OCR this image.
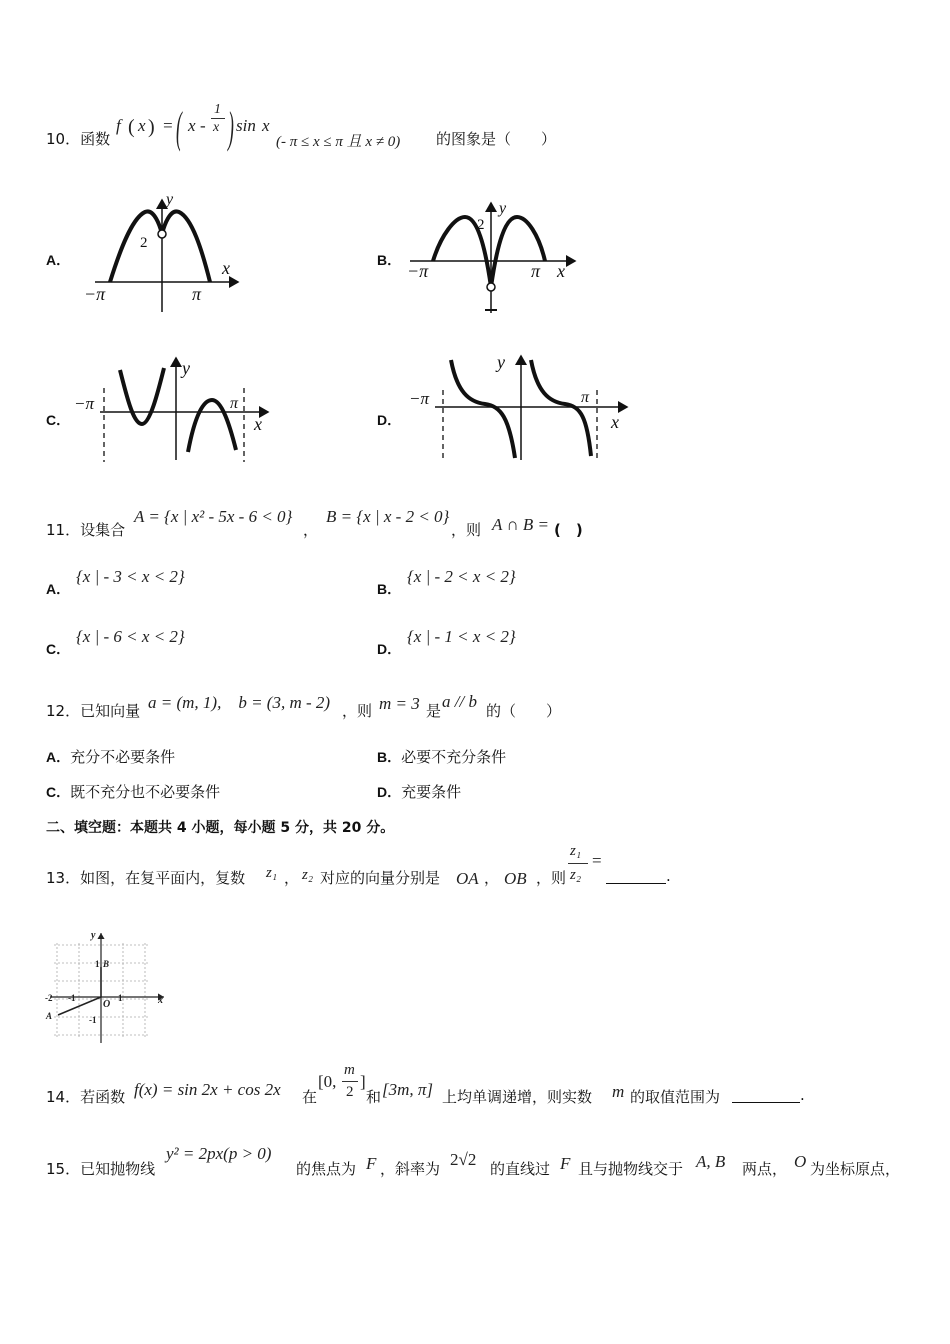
10．函数
f ( x ) = ( x -
1
x ) sin x
(- π ≤ x ≤ π 且 x ≠ 0) 的图象是（　　）
A．	B．
C．	D．
2
y
x
−π	π
2
y
x
−π	π
y
x
−π	π
y
x
−π	π
11．设集合
A = {x | x² - 5x - 6 < 0}
，
B = {x | x - 2 < 0}
，则 A ∩ B = (　)
A．
{x | - 3 < x < 2}
B．
{x | - 2 < x < 2}
C．
{x | - 6 < x < 2}
D．
{x | - 1 < x < 2}
12．已知向量 a = (m, 1),　b = (3, m - 2) ，则 m = 3 是 a // b 的（　　）
A．充分不必要条件	B．必要不充分条件
C．既不充分也不必要条件	D．充要条件
二、填空题：本题共 4 小题，每小题 5 分，共 20 分。
13．如图，在复平面内，复数 z₁ ， z₂ 对应的向量分别是 OA ， OB ，则
z₁
z₂
=
.
y
x
1 B
-2 -1
O
1
A	-1
14．若函数 f(x) = sin 2x + cos 2x 在
[0,
m
2
]
和 [3m, π] 上均单调递增，则实数 m 的取值范围为	.
15．已知抛物线
y² = 2px(p > 0)
的焦点为 F ，斜率为 2√2 的直线过 F 且与抛物线交于 A, B 两点， O 为坐标原点，
